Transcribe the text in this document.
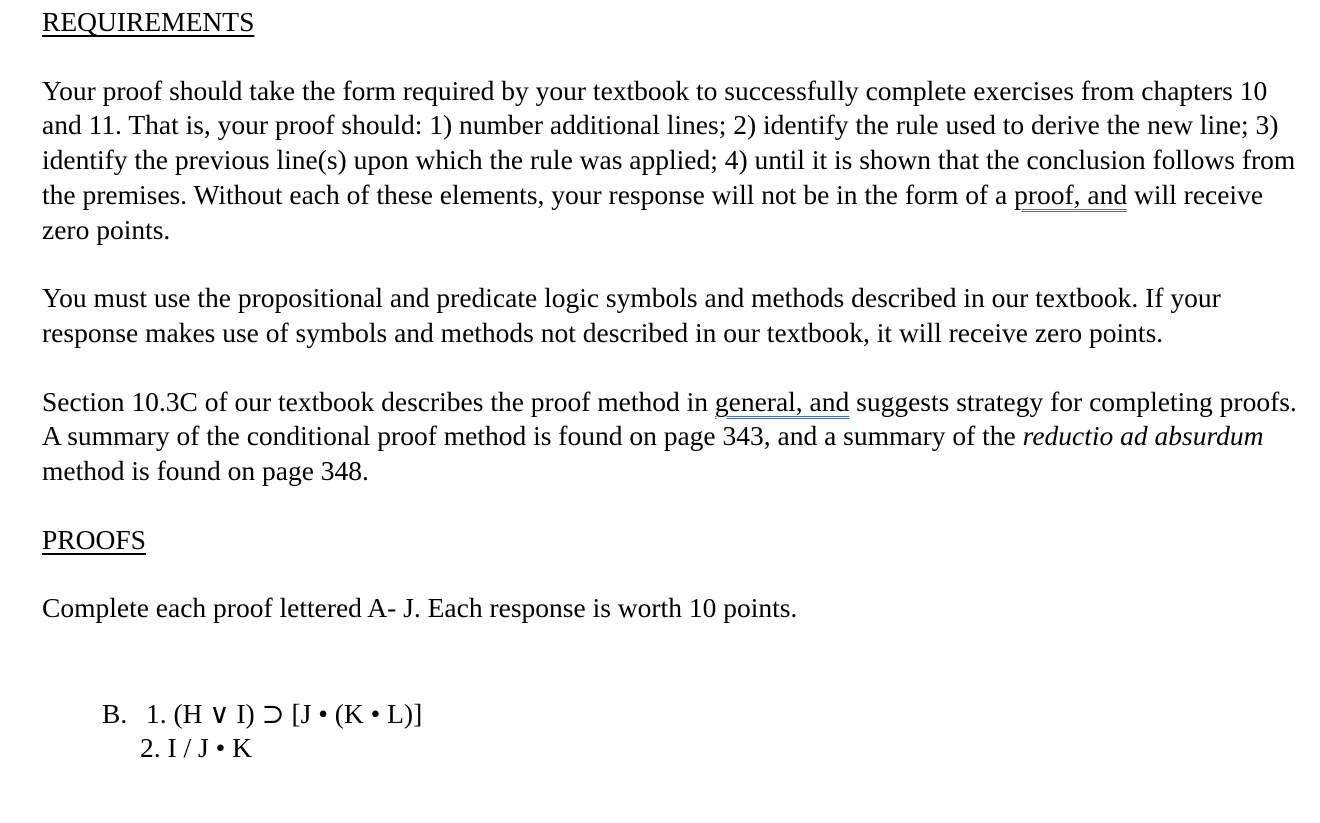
REQUIREMENTS

Your proof should take the form required by your textbook to successfully complete exercises from chapters 10 and 11. That is, your proof should: 1) number additional lines; 2) identify the rule used to derive the new line; 3) identify the previous line(s) upon which the rule was applied; 4) until it is shown that the conclusion follows from the premises. Without each of these elements, your response will not be in the form of a proof, and will receive zero points.

You must use the propositional and predicate logic symbols and methods described in our textbook. If your response makes use of symbols and methods not described in our textbook, it will receive zero points.

Section 10.3C of our textbook describes the proof method in general, and suggests strategy for completing proofs. A summary of the conditional proof method is found on page 343, and a summary of the reductio ad absurdum method is found on page 348.

PROOFS

Complete each proof lettered A- J. Each response is worth 10 points.

B. 1. (H ∨ I) ⊃ [J • (K • L)]
2. I / J • K
